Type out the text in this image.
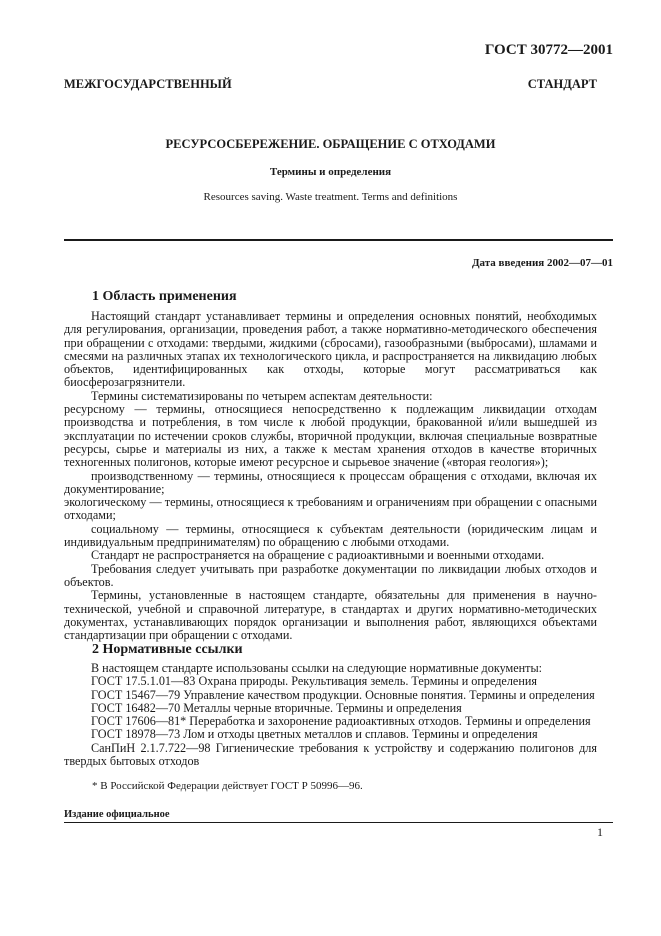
ГОСТ 30772—2001
МЕЖГОСУДАРСТВЕННЫЙ СТАНДАРТ
РЕСУРСОСБЕРЕЖЕНИЕ. ОБРАЩЕНИЕ С ОТХОДАМИ
Термины и определения
Resources saving. Waste treatment. Terms and definitions
Дата введения 2002—07—01
1 Область применения

Настоящий стандарт устанавливает термины и определения основных понятий, необходимых для регулирования, организации, проведения работ, а также нормативно-методического обеспечения при обращении с отходами: твердыми, жидкими (сбросами), газообразными (выбросами), шламами и смесями на различных этапах их технологического цикла, и распространяется на ликвидацию любых объектов, идентифицированных как отходы, которые могут рассматриваться как биосферозагрязнители.

Термины систематизированы по четырем аспектам деятельности:

ресурсному — термины, относящиеся непосредственно к подлежащим ликвидации отходам производства и потребления, в том числе к любой продукции, бракованной и/или вышедшей из эксплуатации по истечении сроков службы, вторичной продукции, включая специальные возвратные ресурсы, сырье и материалы из них, а также к местам хранения отходов в качестве вторичных техногенных полигонов, которые имеют ресурсное и сырьевое значение («вторая геология»);

производственному — термины, относящиеся к процессам обращения с отходами, включая их документирование;

экологическому — термины, относящиеся к требованиям и ограничениям при обращении с опасными отходами;

социальному — термины, относящиеся к субъектам деятельности (юридическим лицам и индивидуальным предпринимателям) по обращению с любыми отходами.

Стандарт не распространяется на обращение с радиоактивными и военными отходами.

Требования следует учитывать при разработке документации по ликвидации любых отходов и объектов.

Термины, установленные в настоящем стандарте, обязательны для применения в научно-технической, учебной и справочной литературе, в стандартах и других нормативно-методических документах, устанавливающих порядок организации и выполнения работ, являющихся объектами стандартизации при обращении с отходами.

2 Нормативные ссылки

В настоящем стандарте использованы ссылки на следующие нормативные документы:

ГОСТ 17.5.1.01—83 Охрана природы. Рекультивация земель. Термины и определения

ГОСТ 15467—79 Управление качеством продукции. Основные понятия. Термины и определения

ГОСТ 16482—70 Металлы черные вторичные. Термины и определения

ГОСТ 17606—81* Переработка и захоронение радиоактивных отходов. Термины и определения

ГОСТ 18978—73 Лом и отходы цветных металлов и сплавов. Термины и определения

СанПиН 2.1.7.722—98 Гигиенические требования к устройству и содержанию полигонов для твердых бытовых отходов

* В Российской Федерации действует ГОСТ Р 50996—96.
Издание официальное
1
